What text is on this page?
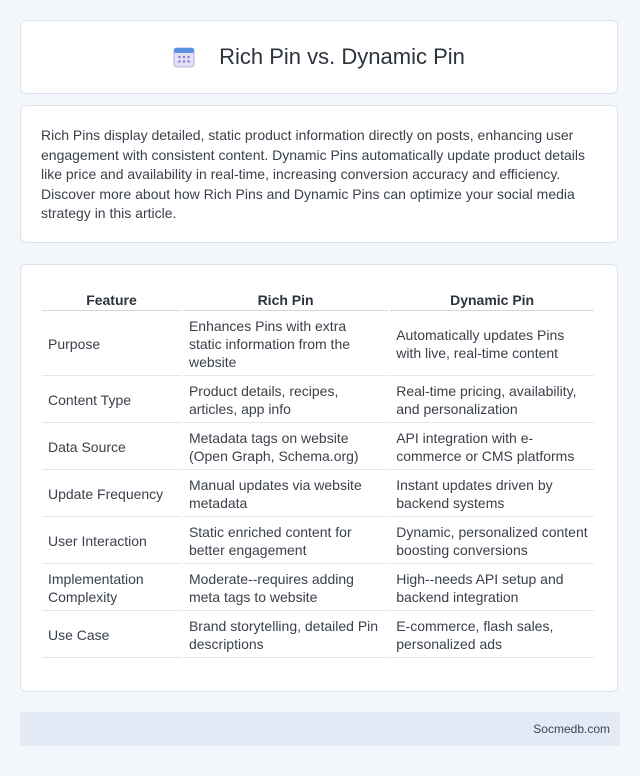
Rich Pin vs. Dynamic Pin

Rich Pins display detailed, static product information directly on posts, enhancing user engagement with consistent content. Dynamic Pins automatically update product details like price and availability in real-time, increasing conversion accuracy and efficiency. Discover more about how Rich Pins and Dynamic Pins can optimize your social media strategy in this article.

Feature	Rich Pin	Dynamic Pin
Purpose	Enhances Pins with extra static information from the website	Automatically updates Pins with live, real-time content
Content Type	Product details, recipes, articles, app info	Real-time pricing, availability, and personalization
Data Source	Metadata tags on website (Open Graph, Schema.org)	API integration with e-commerce or CMS platforms
Update Frequency	Manual updates via website metadata	Instant updates driven by backend systems
User Interaction	Static enriched content for better engagement	Dynamic, personalized content boosting conversions
Implementation Complexity	Moderate--requires adding meta tags to website	High--needs API setup and backend integration
Use Case	Brand storytelling, detailed Pin descriptions	E-commerce, flash sales, personalized ads
Socmedb.com
